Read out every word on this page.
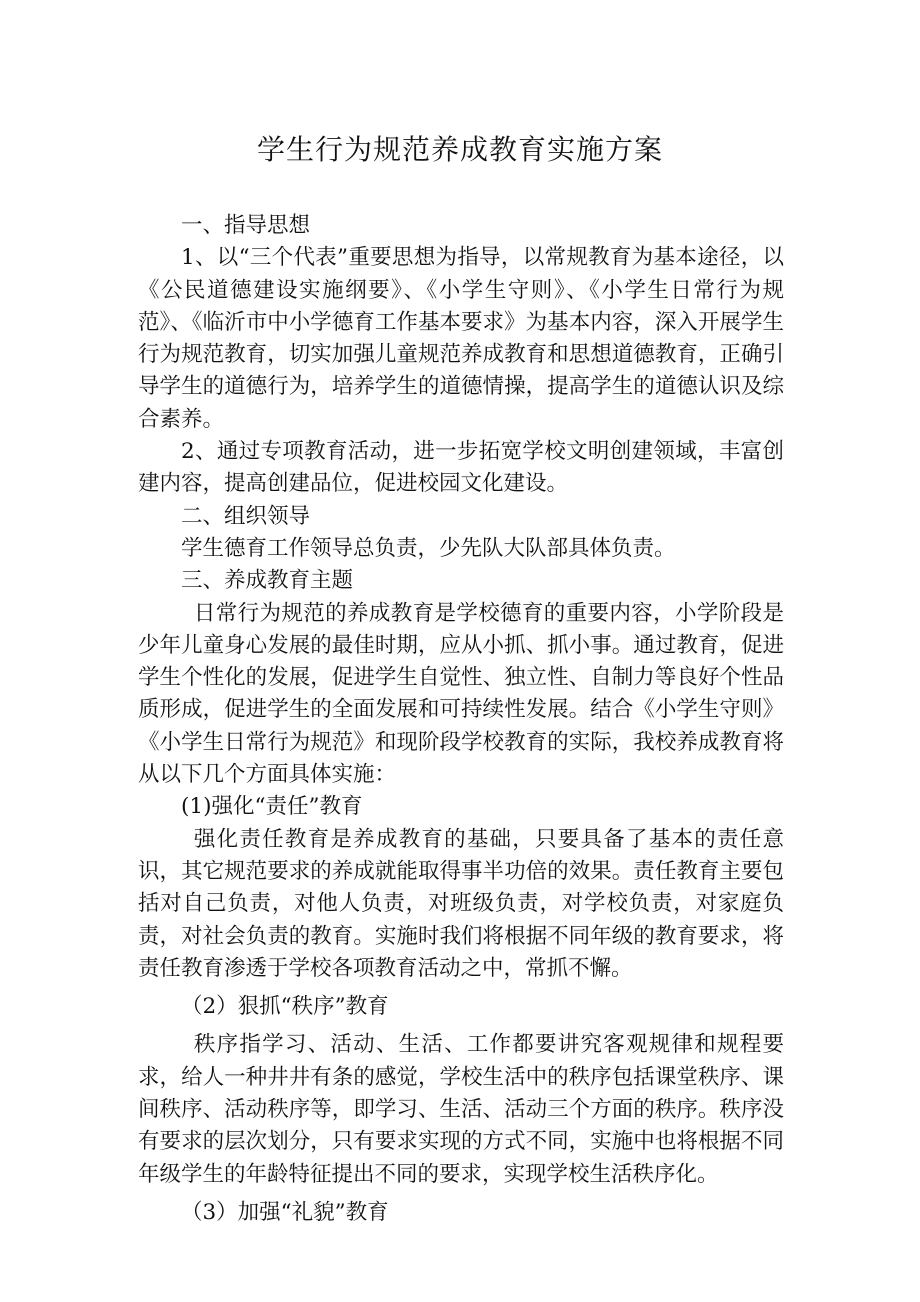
学生行为规范养成教育实施方案

一、指导思想

1、以“三个代表”重要思想为指导，以常规教育为基本途径，以《公民道德建设实施纲要》、《小学生守则》、《小学生日常行为规范》、《临沂市中小学德育工作基本要求》为基本内容，深入开展学生行为规范教育，切实加强儿童规范养成教育和思想道德教育，正确引导学生的道德行为，培养学生的道德情操，提高学生的道德认识及综合素养。

2、通过专项教育活动，进一步拓宽学校文明创建领域，丰富创建内容，提高创建品位，促进校园文化建设。

二、组织领导

学生德育工作领导总负责，少先队大队部具体负责。

三、养成教育主题

日常行为规范的养成教育是学校德育的重要内容，小学阶段是少年儿童身心发展的最佳时期，应从小抓、抓小事。通过教育，促进学生个性化的发展，促进学生自觉性、独立性、自制力等良好个性品质形成，促进学生的全面发展和可持续性发展。结合《小学生守则》《小学生日常行为规范》和现阶段学校教育的实际，我校养成教育将从以下几个方面具体实施：

(1)强化“责任”教育

强化责任教育是养成教育的基础，只要具备了基本的责任意识，其它规范要求的养成就能取得事半功倍的效果。责任教育主要包括对自己负责，对他人负责，对班级负责，对学校负责，对家庭负责，对社会负责的教育。实施时我们将根据不同年级的教育要求，将责任教育渗透于学校各项教育活动之中，常抓不懈。

（2）狠抓“秩序”教育

秩序指学习、活动、生活、工作都要讲究客观规律和规程要求，给人一种井井有条的感觉，学校生活中的秩序包括课堂秩序、课间秩序、活动秩序等，即学习、生活、活动三个方面的秩序。秩序没有要求的层次划分，只有要求实现的方式不同，实施中也将根据不同年级学生的年龄特征提出不同的要求，实现学校生活秩序化。

（3）加强“礼貌”教育
